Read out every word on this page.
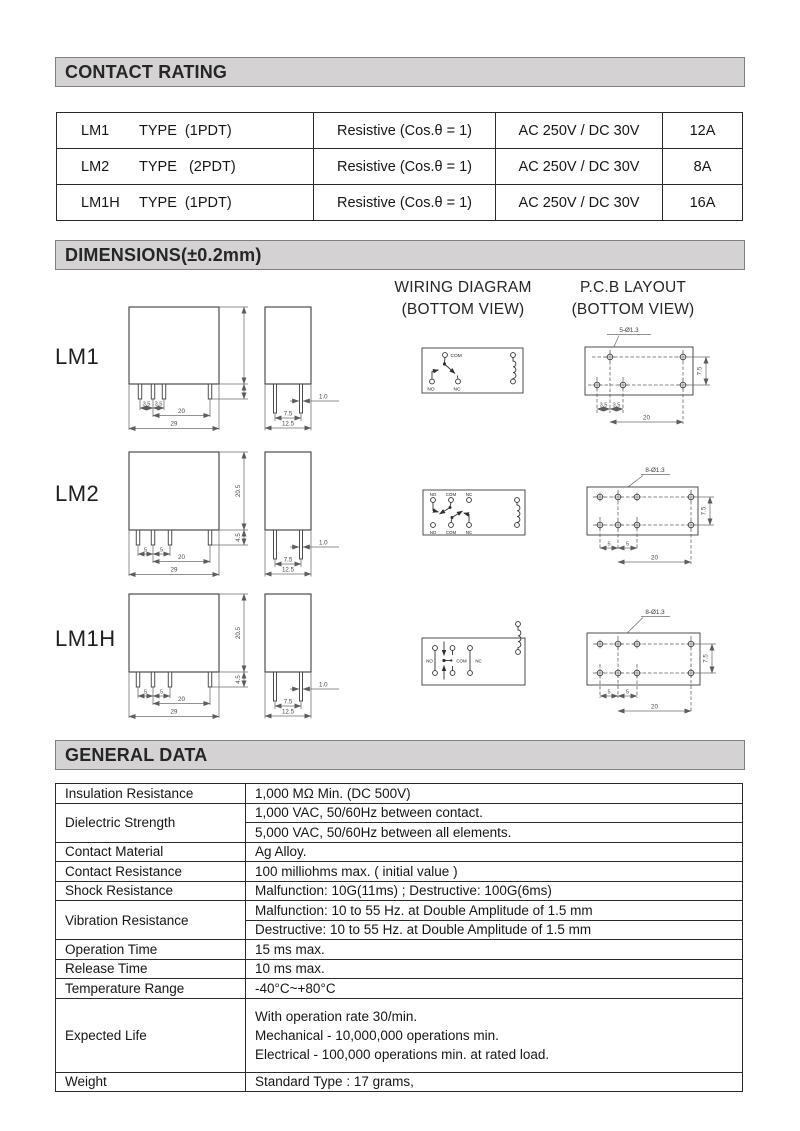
CONTACT RATING
LM1 TYPE  (1PDT)	Resistive (Cos.θ = 1)	AC 250V / DC 30V	12A
LM2 TYPE   (2PDT)	Resistive (Cos.θ = 1)	AC 250V / DC 30V	8A
LM1H TYPE  (1PDT)	Resistive (Cos.θ = 1)	AC 250V / DC 30V	16A
DIMENSIONS(±0.2mm)
WIRING DIAGRAM
(BOTTOM VIEW)
P.C.B LAYOUT
(BOTTOM VIEW)
LM1
3.5 3.5
20
29
1.0
7.5
12.5
COM
NC
NO
5-Ø1.3
3.5 3.5
20
7.5
LM2
5 5
20
29
20.5
4.5
1.0
7.5
12.5
NO COM NC
NO COM NC
8-Ø1.3
5	5
20
7.5
LM1H
5 5
20
29
20.5
4.5
1.0
7.5
12.5
NO	COM NC
8-Ø1.3
5	5
20
7.5
GENERAL DATA
Insulation Resistance	1,000 MΩ Min. (DC 500V)
Dielectric Strength	1,000 VAC, 50/60Hz between contact.
	5,000 VAC, 50/60Hz between all elements.
Contact Material	Ag Alloy.
Contact Resistance	100 milliohms max. ( initial value )
Shock Resistance	Malfunction: 10G(11ms) ; Destructive: 100G(6ms)
Vibration Resistance	Malfunction: 10 to 55 Hz. at Double Amplitude of 1.5 mm
	Destructive: 10 to 55 Hz. at Double Amplitude of 1.5 mm
Operation Time	15 ms max.
Release Time	10 ms max.
Temperature Range	-40°C~+80°C
Expected Life	With operation rate 30/min.
Mechanical - 10,000,000 operations min.
Electrical - 100,000 operations min. at rated load.

Weight	Standard Type : 17 grams,
